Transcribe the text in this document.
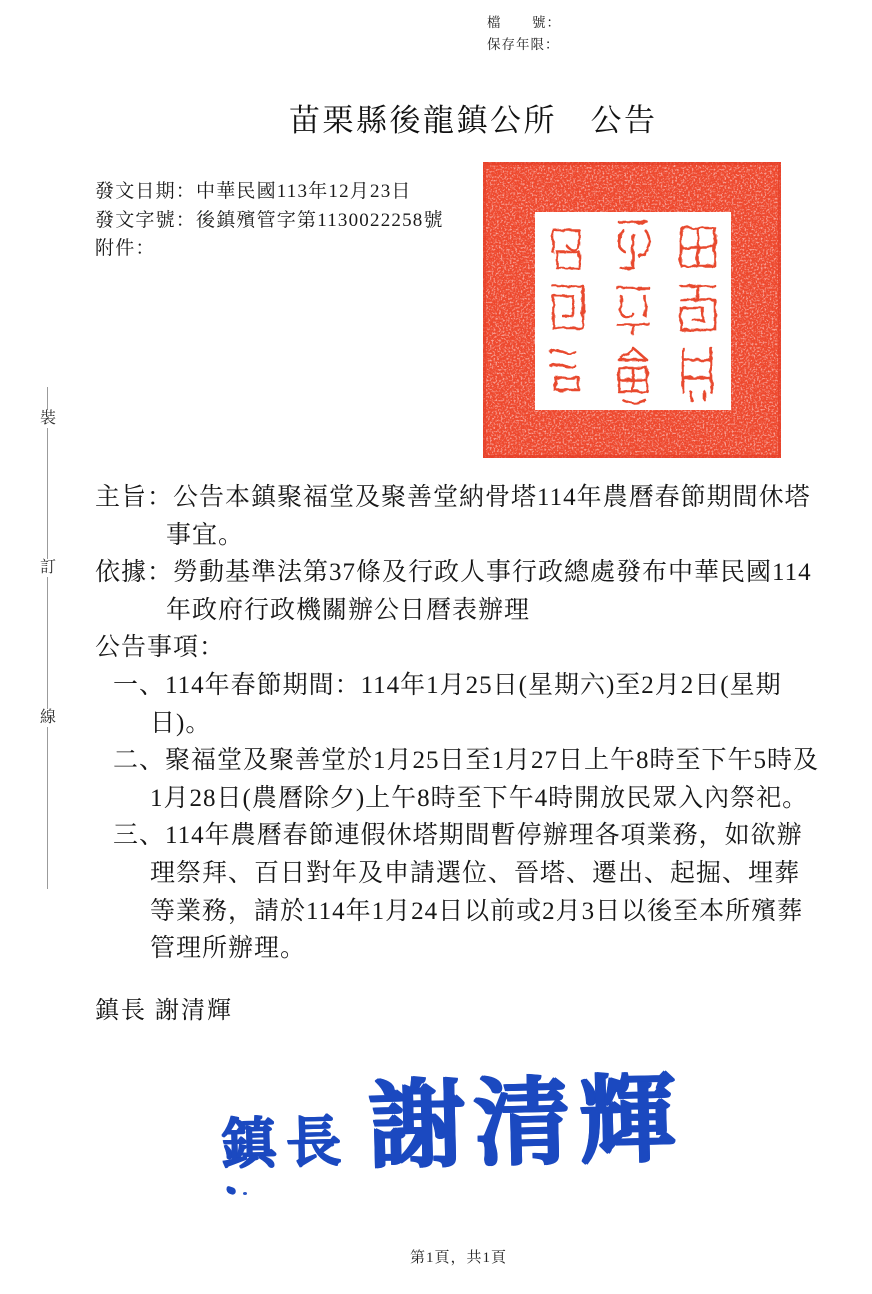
檔 號：
保存年限：
苗栗縣後龍鎮公所　公告
發文日期：中華民國113年12月23日
發文字號：後鎮殯管字第1130022258號
附件：
裝
訂
線
主旨：公告本鎮聚福堂及聚善堂納骨塔114年農曆春節期間休塔
事宜。
依據：勞動基準法第37條及行政人事行政總處發布中華民國114
年政府行政機關辦公日曆表辦理
公告事項：
一、114年春節期間：114年1月25日(星期六)至2月2日(星期
日)。
二、聚福堂及聚善堂於1月25日至1月27日上午8時至下午5時及
1月28日(農曆除夕)上午8時至下午4時開放民眾入內祭祀。
三、114年農曆春節連假休塔期間暫停辦理各項業務，如欲辦
理祭拜、百日對年及申請選位、晉塔、遷出、起掘、埋葬
等業務，請於114年1月24日以前或2月3日以後至本所殯葬
管理所辦理。
鎮長 謝清輝
鎮長 謝清輝
第1頁，共1頁
